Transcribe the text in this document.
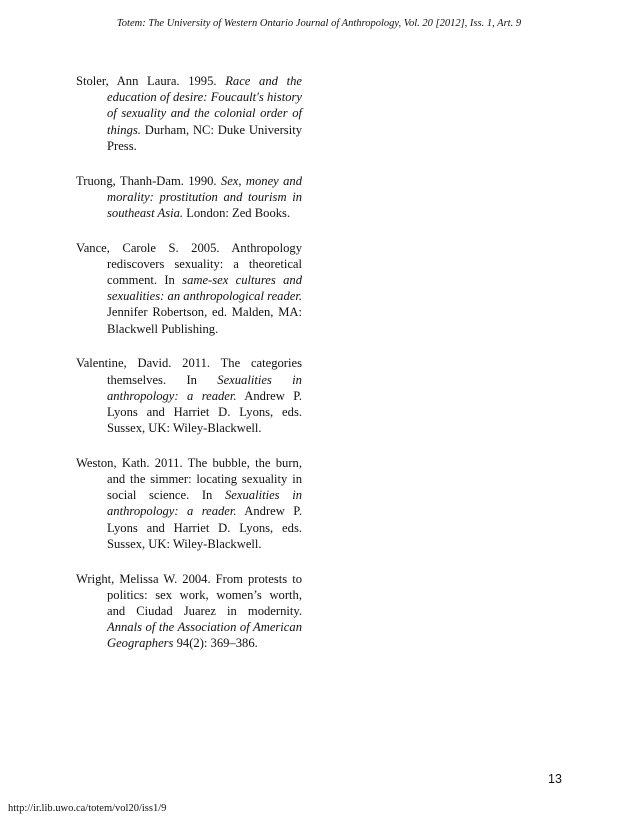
Totem: The University of Western Ontario Journal of Anthropology, Vol. 20 [2012], Iss. 1, Art. 9

Stoler, Ann Laura. 1995. Race and the education of desire: Foucault's history of sexuality and the colonial order of things. Durham, NC: Duke University Press.

Truong, Thanh-Dam. 1990. Sex, money and morality: prostitution and tourism in southeast Asia. London: Zed Books.

Vance, Carole S. 2005. Anthropology rediscovers sexuality: a theoretical comment. In same-sex cultures and sexualities: an anthropological reader. Jennifer Robertson, ed. Malden, MA: Blackwell Publishing.

Valentine, David. 2011. The categories themselves. In Sexualities in anthropology: a reader. Andrew P. Lyons and Harriet D. Lyons, eds. Sussex, UK: Wiley-Blackwell.

Weston, Kath. 2011. The bubble, the burn, and the simmer: locating sexuality in social science. In Sexualities in anthropology: a reader. Andrew P. Lyons and Harriet D. Lyons, eds. Sussex, UK: Wiley-Blackwell.

Wright, Melissa W. 2004. From protests to politics: sex work, women’s worth, and Ciudad Juarez in modernity. Annals of the Association of American Geographers 94(2): 369–386.

13
http://ir.lib.uwo.ca/totem/vol20/iss1/9
